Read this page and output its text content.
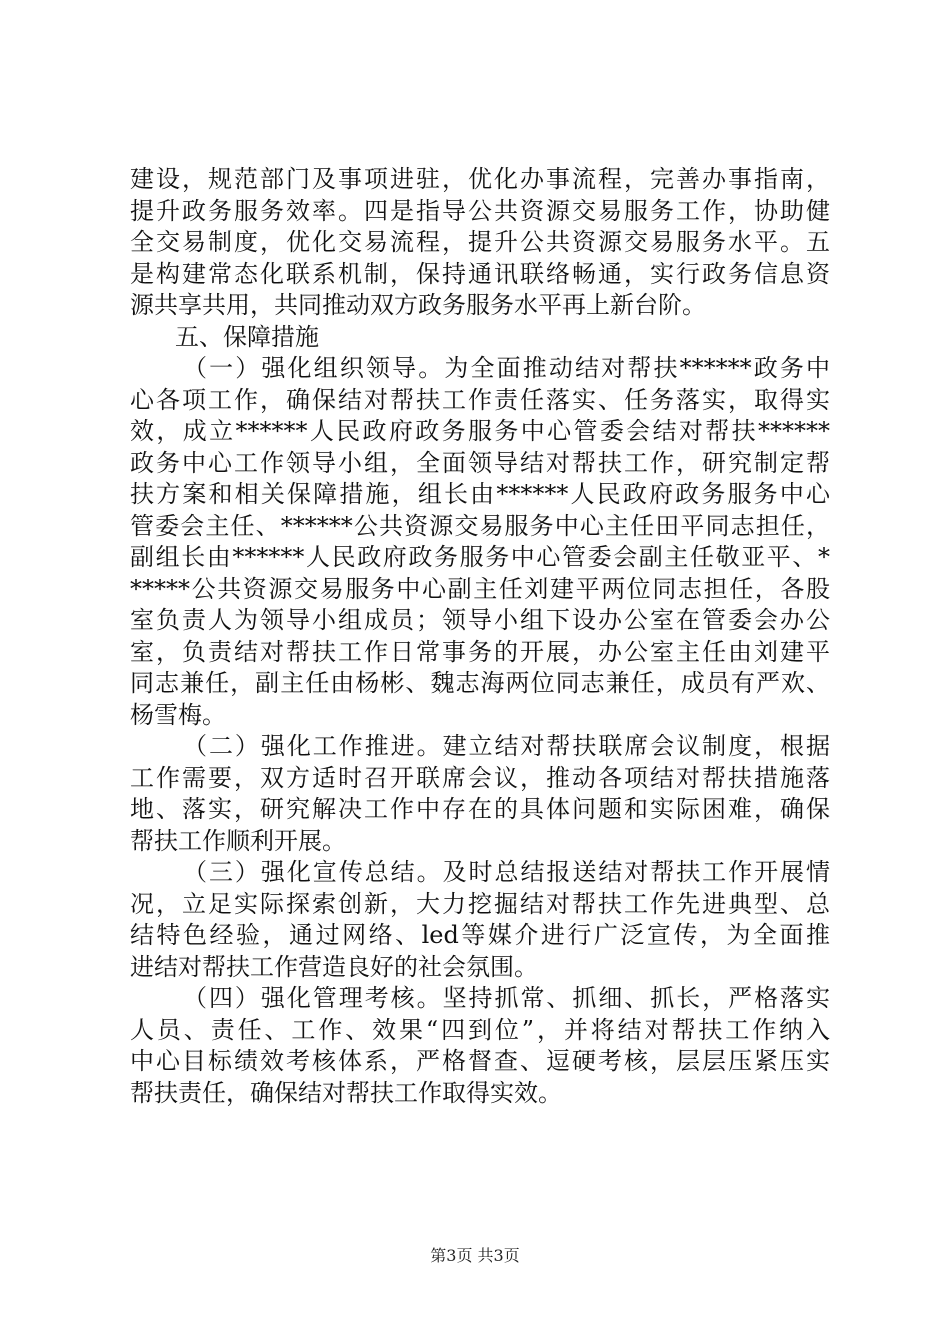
建设，规范部门及事项进驻，优化办事流程，完善办事指南，
提升政务服务效率。四是指导公共资源交易服务工作，协助健
全交易制度，优化交易流程，提升公共资源交易服务水平。五
是构建常态化联系机制，保持通讯联络畅通，实行政务信息资
源共享共用，共同推动双方政务服务水平再上新台阶。
五、保障措施
（一）强化组织领导。为全面推动结对帮扶******政务中
心各项工作，确保结对帮扶工作责任落实、任务落实，取得实
效，成立******人民政府政务服务中心管委会结对帮扶******
政务中心工作领导小组，全面领导结对帮扶工作，研究制定帮
扶方案和相关保障措施，组长由******人民政府政务服务中心
管委会主任、******公共资源交易服务中心主任田平同志担任，
副组长由******人民政府政务服务中心管委会副主任敬亚平、*
*****公共资源交易服务中心副主任刘建平两位同志担任，各股
室负责人为领导小组成员；领导小组下设办公室在管委会办公
室，负责结对帮扶工作日常事务的开展，办公室主任由刘建平
同志兼任，副主任由杨彬、魏志海两位同志兼任，成员有严欢、
杨雪梅。
（二）强化工作推进。建立结对帮扶联席会议制度，根据
工作需要，双方适时召开联席会议，推动各项结对帮扶措施落
地、落实，研究解决工作中存在的具体问题和实际困难，确保
帮扶工作顺利开展。
（三）强化宣传总结。及时总结报送结对帮扶工作开展情
况，立足实际探索创新，大力挖掘结对帮扶工作先进典型、总
结特色经验，通过网络、led等媒介进行广泛宣传，为全面推
进结对帮扶工作营造良好的社会氛围。
（四）强化管理考核。坚持抓常、抓细、抓长，严格落实
人员、责任、工作、效果“四到位”，并将结对帮扶工作纳入
中心目标绩效考核体系，严格督查、逗硬考核，层层压紧压实
帮扶责任，确保结对帮扶工作取得实效。
第3页 共3页
